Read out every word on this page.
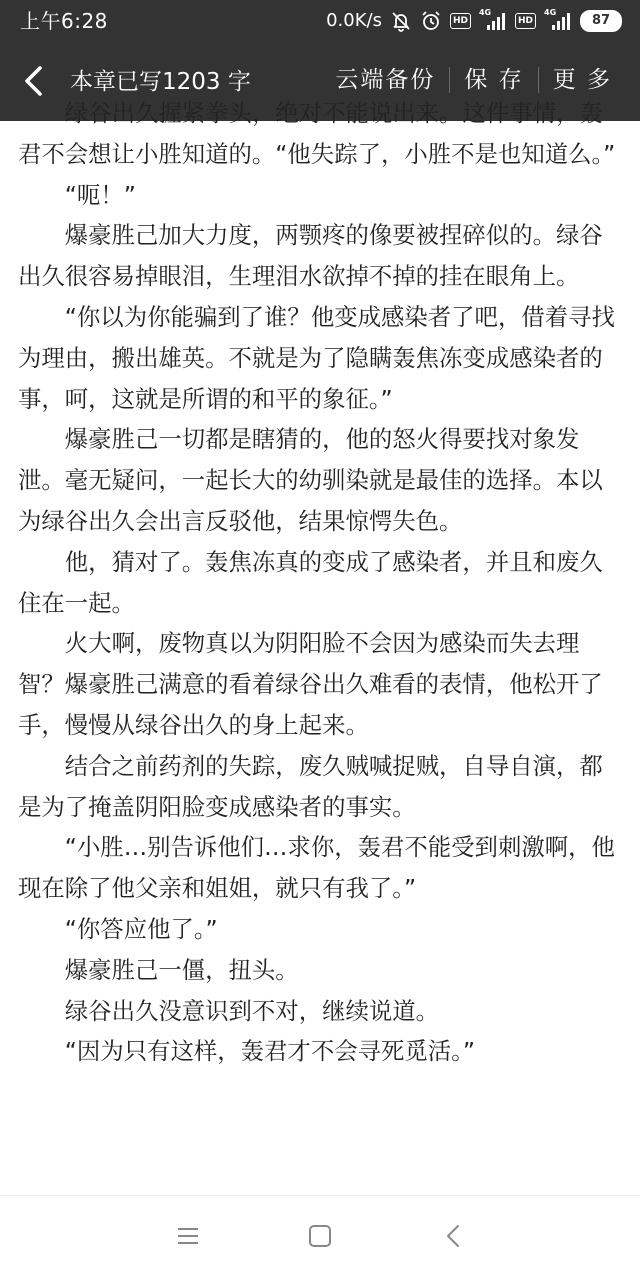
上午6:28	0.0K/s	HD
4G
HD
4G
87
本章已写1203 字	云端备份	保 存	更 多

绿谷出久握紧拳头，绝对不能说出来。这件事情，轰君不会想让小胜知道的。“他失踪了，小胜不是也知道么。”

“呃！”

爆豪胜己加大力度，两颚疼的像要被捏碎似的。绿谷出久很容易掉眼泪，生理泪水欲掉不掉的挂在眼角上。

“你以为你能骗到了谁？他变成感染者了吧，借着寻找为理由，搬出雄英。不就是为了隐瞒轰焦冻变成感染者的事，呵，这就是所谓的和平的象征。”

爆豪胜己一切都是瞎猜的，他的怒火得要找对象发泄。毫无疑问，一起长大的幼驯染就是最佳的选择。本以为绿谷出久会出言反驳他，结果惊愕失色。

他，猜对了。轰焦冻真的变成了感染者，并且和废久住在一起。

火大啊，废物真以为阴阳脸不会因为感染而失去理智？爆豪胜己满意的看着绿谷出久难看的表情，他松开了手，慢慢从绿谷出久的身上起来。

结合之前药剂的失踪，废久贼喊捉贼，自导自演，都是为了掩盖阴阳脸变成感染者的事实。

“小胜…别告诉他们…求你，轰君不能受到刺激啊，他现在除了他父亲和姐姐，就只有我了。”

“你答应他了。”

爆豪胜己一僵，扭头。

绿谷出久没意识到不对，继续说道。

“因为只有这样，轰君才不会寻死觅活。”
